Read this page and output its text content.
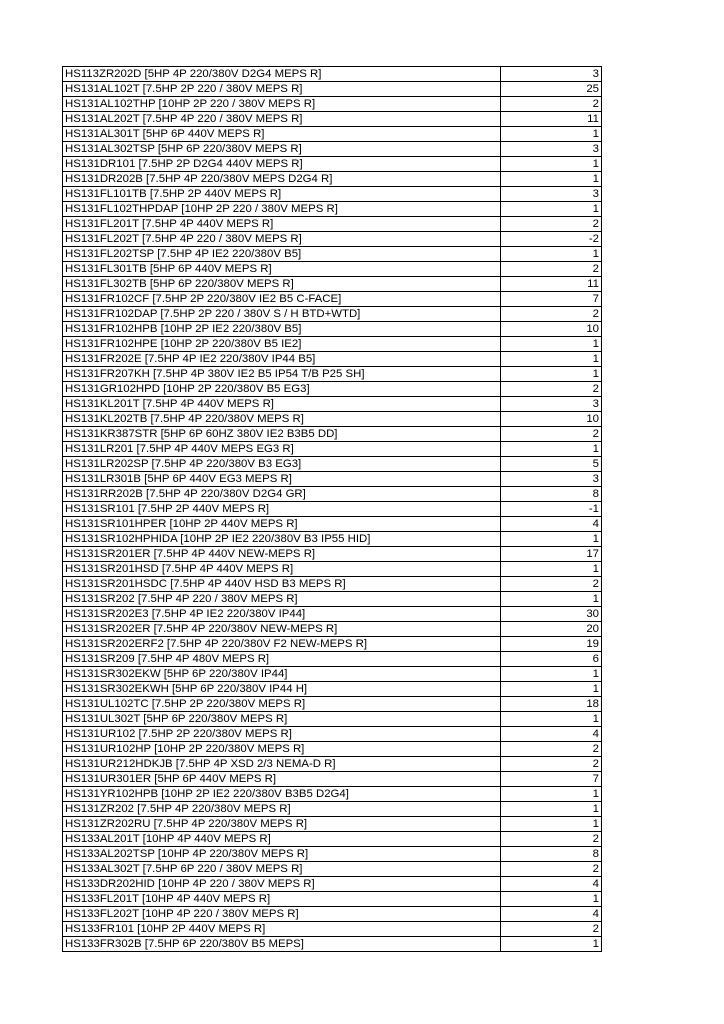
HS113ZR202D [5HP 4P 220/380V D2G4 MEPS R]	3
HS131AL102T [7.5HP 2P 220 / 380V MEPS R]	25
HS131AL102THP [10HP 2P 220 / 380V MEPS R]	2
HS131AL202T [7.5HP 4P 220 / 380V MEPS R]	11
HS131AL301T [5HP 6P 440V MEPS R]	1
HS131AL302TSP [5HP 6P 220/380V MEPS R]	3
HS131DR101 [7.5HP 2P D2G4 440V MEPS R]	1
HS131DR202B [7.5HP 4P 220/380V MEPS D2G4 R]	1
HS131FL101TB [7.5HP 2P 440V MEPS R]	3
HS131FL102THPDAP [10HP 2P 220 / 380V MEPS R]	1
HS131FL201T [7.5HP 4P 440V MEPS R]	2
HS131FL202T [7.5HP 4P 220 / 380V MEPS R]	-2
HS131FL202TSP [7.5HP 4P IE2 220/380V B5]	1
HS131FL301TB [5HP 6P 440V MEPS R]	2
HS131FL302TB [5HP 6P 220/380V MEPS R]	11
HS131FR102CF [7.5HP 2P 220/380V IE2 B5 C-FACE]	7
HS131FR102DAP [7.5HP 2P 220 / 380V S / H BTD+WTD]	2
HS131FR102HPB [10HP 2P IE2 220/380V B5]	10
HS131FR102HPE [10HP 2P 220/380V B5 IE2]	1
HS131FR202E [7.5HP 4P IE2 220/380V IP44 B5]	1
HS131FR207KH [7.5HP 4P 380V IE2 B5 IP54 T/B P25 SH]	1
HS131GR102HPD [10HP 2P 220/380V B5 EG3]	2
HS131KL201T [7.5HP 4P 440V MEPS R]	3
HS131KL202TB [7.5HP 4P 220/380V MEPS R]	10
HS131KR387STR [5HP 6P 60HZ 380V IE2 B3B5 DD]	2
HS131LR201 [7.5HP 4P 440V MEPS EG3 R]	1
HS131LR202SP [7.5HP 4P 220/380V B3 EG3]	5
HS131LR301B [5HP 6P 440V EG3 MEPS R]	3
HS131RR202B [7.5HP 4P 220/380V D2G4 GR]	8
HS131SR101 [7.5HP 2P 440V MEPS R]	-1
HS131SR101HPER [10HP 2P 440V MEPS R]	4
HS131SR102HPHIDA [10HP 2P IE2 220/380V B3 IP55 HID]	1
HS131SR201ER [7.5HP 4P 440V NEW-MEPS R]	17
HS131SR201HSD [7.5HP 4P 440V MEPS R]	1
HS131SR201HSDC [7.5HP 4P 440V HSD B3 MEPS R]	2
HS131SR202 [7.5HP 4P 220 / 380V MEPS R]	1
HS131SR202E3 [7.5HP 4P IE2 220/380V IP44]	30
HS131SR202ER [7.5HP 4P 220/380V NEW-MEPS R]	20
HS131SR202ERF2 [7.5HP 4P 220/380V F2 NEW-MEPS R]	19
HS131SR209 [7.5HP 4P 480V MEPS R]	6
HS131SR302EKW [5HP 6P 220/380V IP44]	1
HS131SR302EKWH [5HP 6P 220/380V IP44 H]	1
HS131UL102TC [7.5HP 2P 220/380V MEPS R]	18
HS131UL302T [5HP 6P 220/380V MEPS R]	1
HS131UR102 [7.5HP 2P 220/380V MEPS R]	4
HS131UR102HP [10HP 2P 220/380V MEPS R]	2
HS131UR212HDKJB [7.5HP 4P XSD 2/3 NEMA-D R]	2
HS131UR301ER [5HP 6P 440V MEPS R]	7
HS131YR102HPB [10HP 2P IE2 220/380V B3B5 D2G4]	1
HS131ZR202 [7.5HP 4P 220/380V MEPS R]	1
HS131ZR202RU [7.5HP 4P 220/380V MEPS R]	1
HS133AL201T [10HP 4P 440V MEPS R]	2
HS133AL202TSP [10HP 4P 220/380V MEPS R]	8
HS133AL302T [7.5HP 6P 220 / 380V MEPS R]	2
HS133DR202HID [10HP 4P 220 / 380V MEPS R]	4
HS133FL201T [10HP 4P 440V MEPS R]	1
HS133FL202T [10HP 4P 220 / 380V MEPS R]	4
HS133FR101 [10HP 2P 440V MEPS R]	2
HS133FR302B [7.5HP 6P 220/380V B5 MEPS]	1
